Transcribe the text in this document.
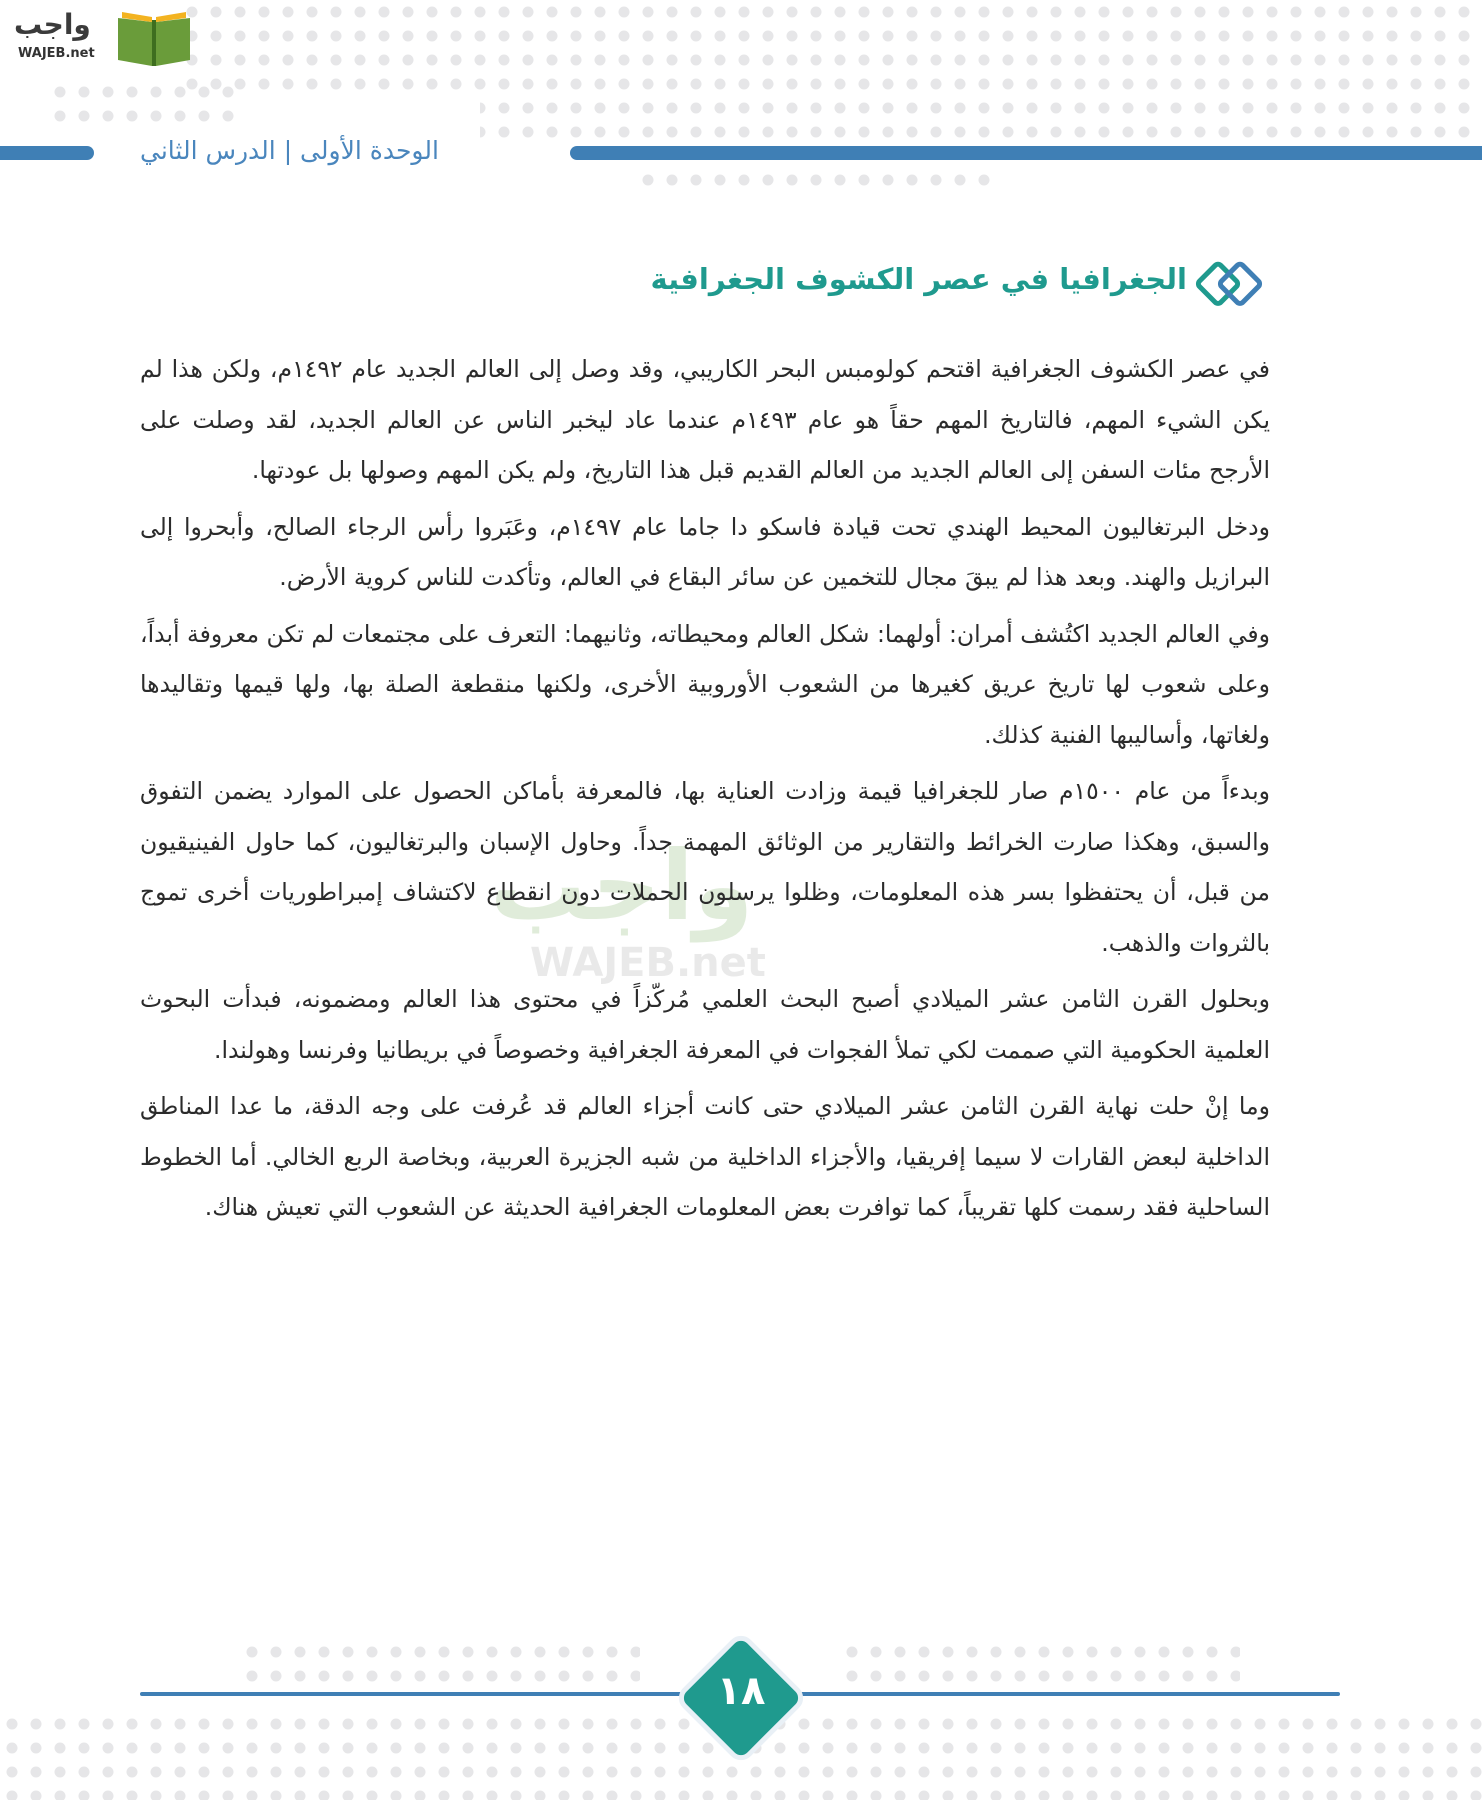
واجب
WAJEB.net
الوحدة الأولى | الدرس الثاني
الجغرافيا في عصر الكشوف الجغرافية
واجب
WAJEB.net

في عصر الكشوف الجغرافية اقتحم كولومبس البحر الكاريبي، وقد وصل إلى العالم الجديد عام ١٤٩٢م، ولكن هذا لم يكن الشيء المهم، فالتاريخ المهم حقاً هو عام ١٤٩٣م عندما عاد ليخبر الناس عن العالم الجديد، لقد وصلت على الأرجح مئات السفن إلى العالم الجديد من العالم القديم قبل هذا التاريخ، ولم يكن المهم وصولها بل عودتها.

ودخل البرتغاليون المحيط الهندي تحت قيادة فاسكو دا جاما عام ١٤٩٧م، وعَبَروا رأس الرجاء الصالح، وأبحروا إلى البرازيل والهند. وبعد هذا لم يبقَ مجال للتخمين عن سائر البقاع في العالم، وتأكدت للناس كروية الأرض.

وفي العالم الجديد اكتُشف أمران: أولهما: شكل العالم ومحيطاته، وثانيهما: التعرف على مجتمعات لم تكن معروفة أبداً، وعلى شعوب لها تاريخ عريق كغيرها من الشعوب الأوروبية الأخرى، ولكنها منقطعة الصلة بها، ولها قيمها وتقاليدها ولغاتها، وأساليبها الفنية كذلك.

وبدءاً من عام ١٥٠٠م صار للجغرافيا قيمة وزادت العناية بها، فالمعرفة بأماكن الحصول على الموارد يضمن التفوق والسبق، وهكذا صارت الخرائط والتقارير من الوثائق المهمة جداً. وحاول الإسبان والبرتغاليون، كما حاول الفينيقيون من قبل، أن يحتفظوا بسر هذه المعلومات، وظلوا يرسلون الحملات دون انقطاع لاكتشاف إمبراطوريات أخرى تموج بالثروات والذهب.

وبحلول القرن الثامن عشر الميلادي أصبح البحث العلمي مُركّزاً في محتوى هذا العالم ومضمونه، فبدأت البحوث العلمية الحكومية التي صممت لكي تملأ الفجوات في المعرفة الجغرافية وخصوصاً في بريطانيا وفرنسا وهولندا.

وما إنْ حلت نهاية القرن الثامن عشر الميلادي حتى كانت أجزاء العالم قد عُرفت على وجه الدقة، ما عدا المناطق الداخلية لبعض القارات لا سيما إفريقيا، والأجزاء الداخلية من شبه الجزيرة العربية، وبخاصة الربع الخالي. أما الخطوط الساحلية فقد رسمت كلها تقريباً، كما توافرت بعض المعلومات الجغرافية الحديثة عن الشعوب التي تعيش هناك.

١٨
